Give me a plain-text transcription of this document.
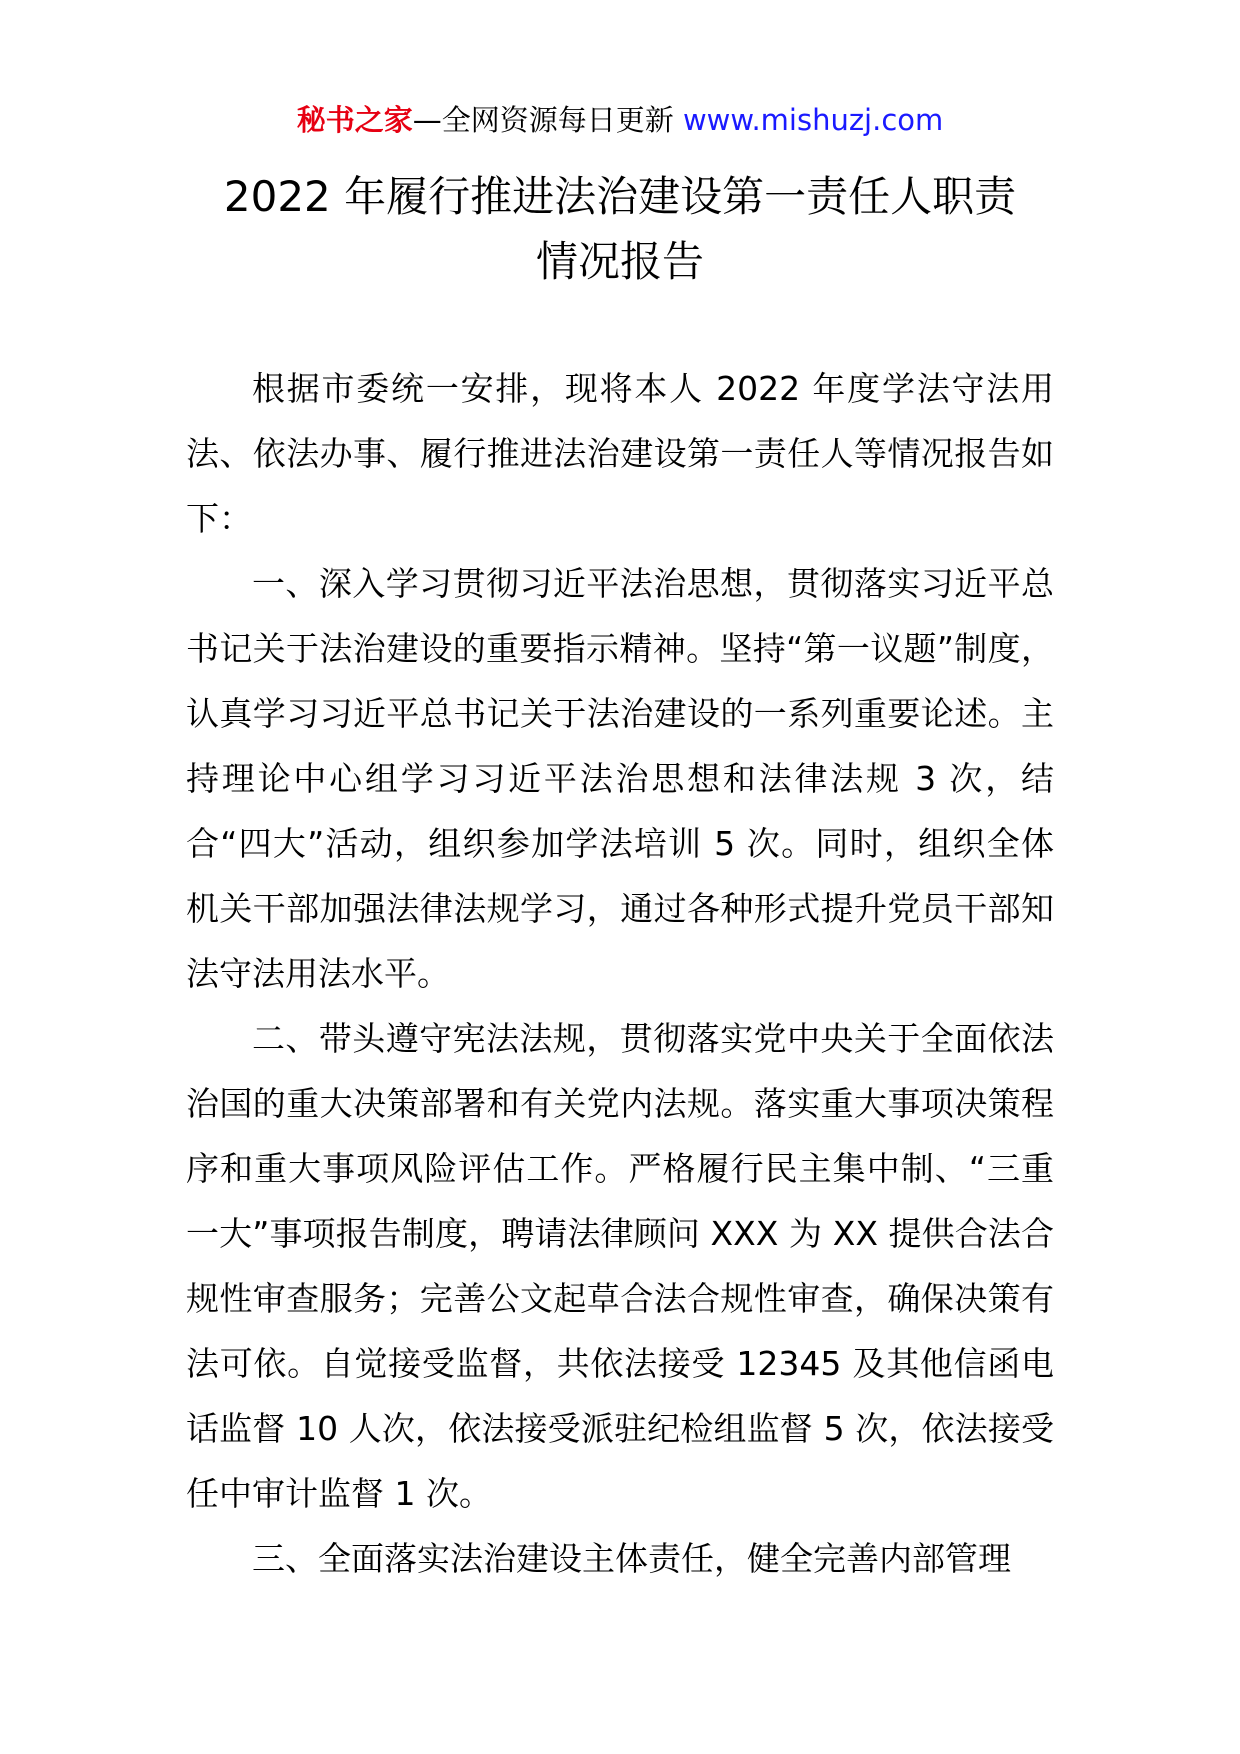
秘书之家—全网资源每日更新 www.mishuzj.com
2022 年履行推进法治建设第一责任人职责
情况报告

根据市委统一安排，现将本人 2022 年度学法守法用法、依法办事、履行推进法治建设第一责任人等情况报告如下：

一、深入学习贯彻习近平法治思想，贯彻落实习近平总书记关于法治建设的重要指示精神。坚持“第一议题”制度，认真学习习近平总书记关于法治建设的一系列重要论述。主持理论中心组学习习近平法治思想和法律法规 3 次，结合“四大”活动，组织参加学法培训 5 次。同时，组织全体机关干部加强法律法规学习，通过各种形式提升党员干部知法守法用法水平。

二、带头遵守宪法法规，贯彻落实党中央关于全面依法治国的重大决策部署和有关党内法规。落实重大事项决策程序和重大事项风险评估工作。严格履行民主集中制、“三重一大”事项报告制度，聘请法律顾问 XXX 为 XX 提供合法合规性审查服务；完善公文起草合法合规性审查，确保决策有法可依。自觉接受监督，共依法接受 12345 及其他信函电话监督 10 人次，依法接受派驻纪检组监督 5 次，依法接受任中审计监督 1 次。

三、全面落实法治建设主体责任，健全完善内部管理
